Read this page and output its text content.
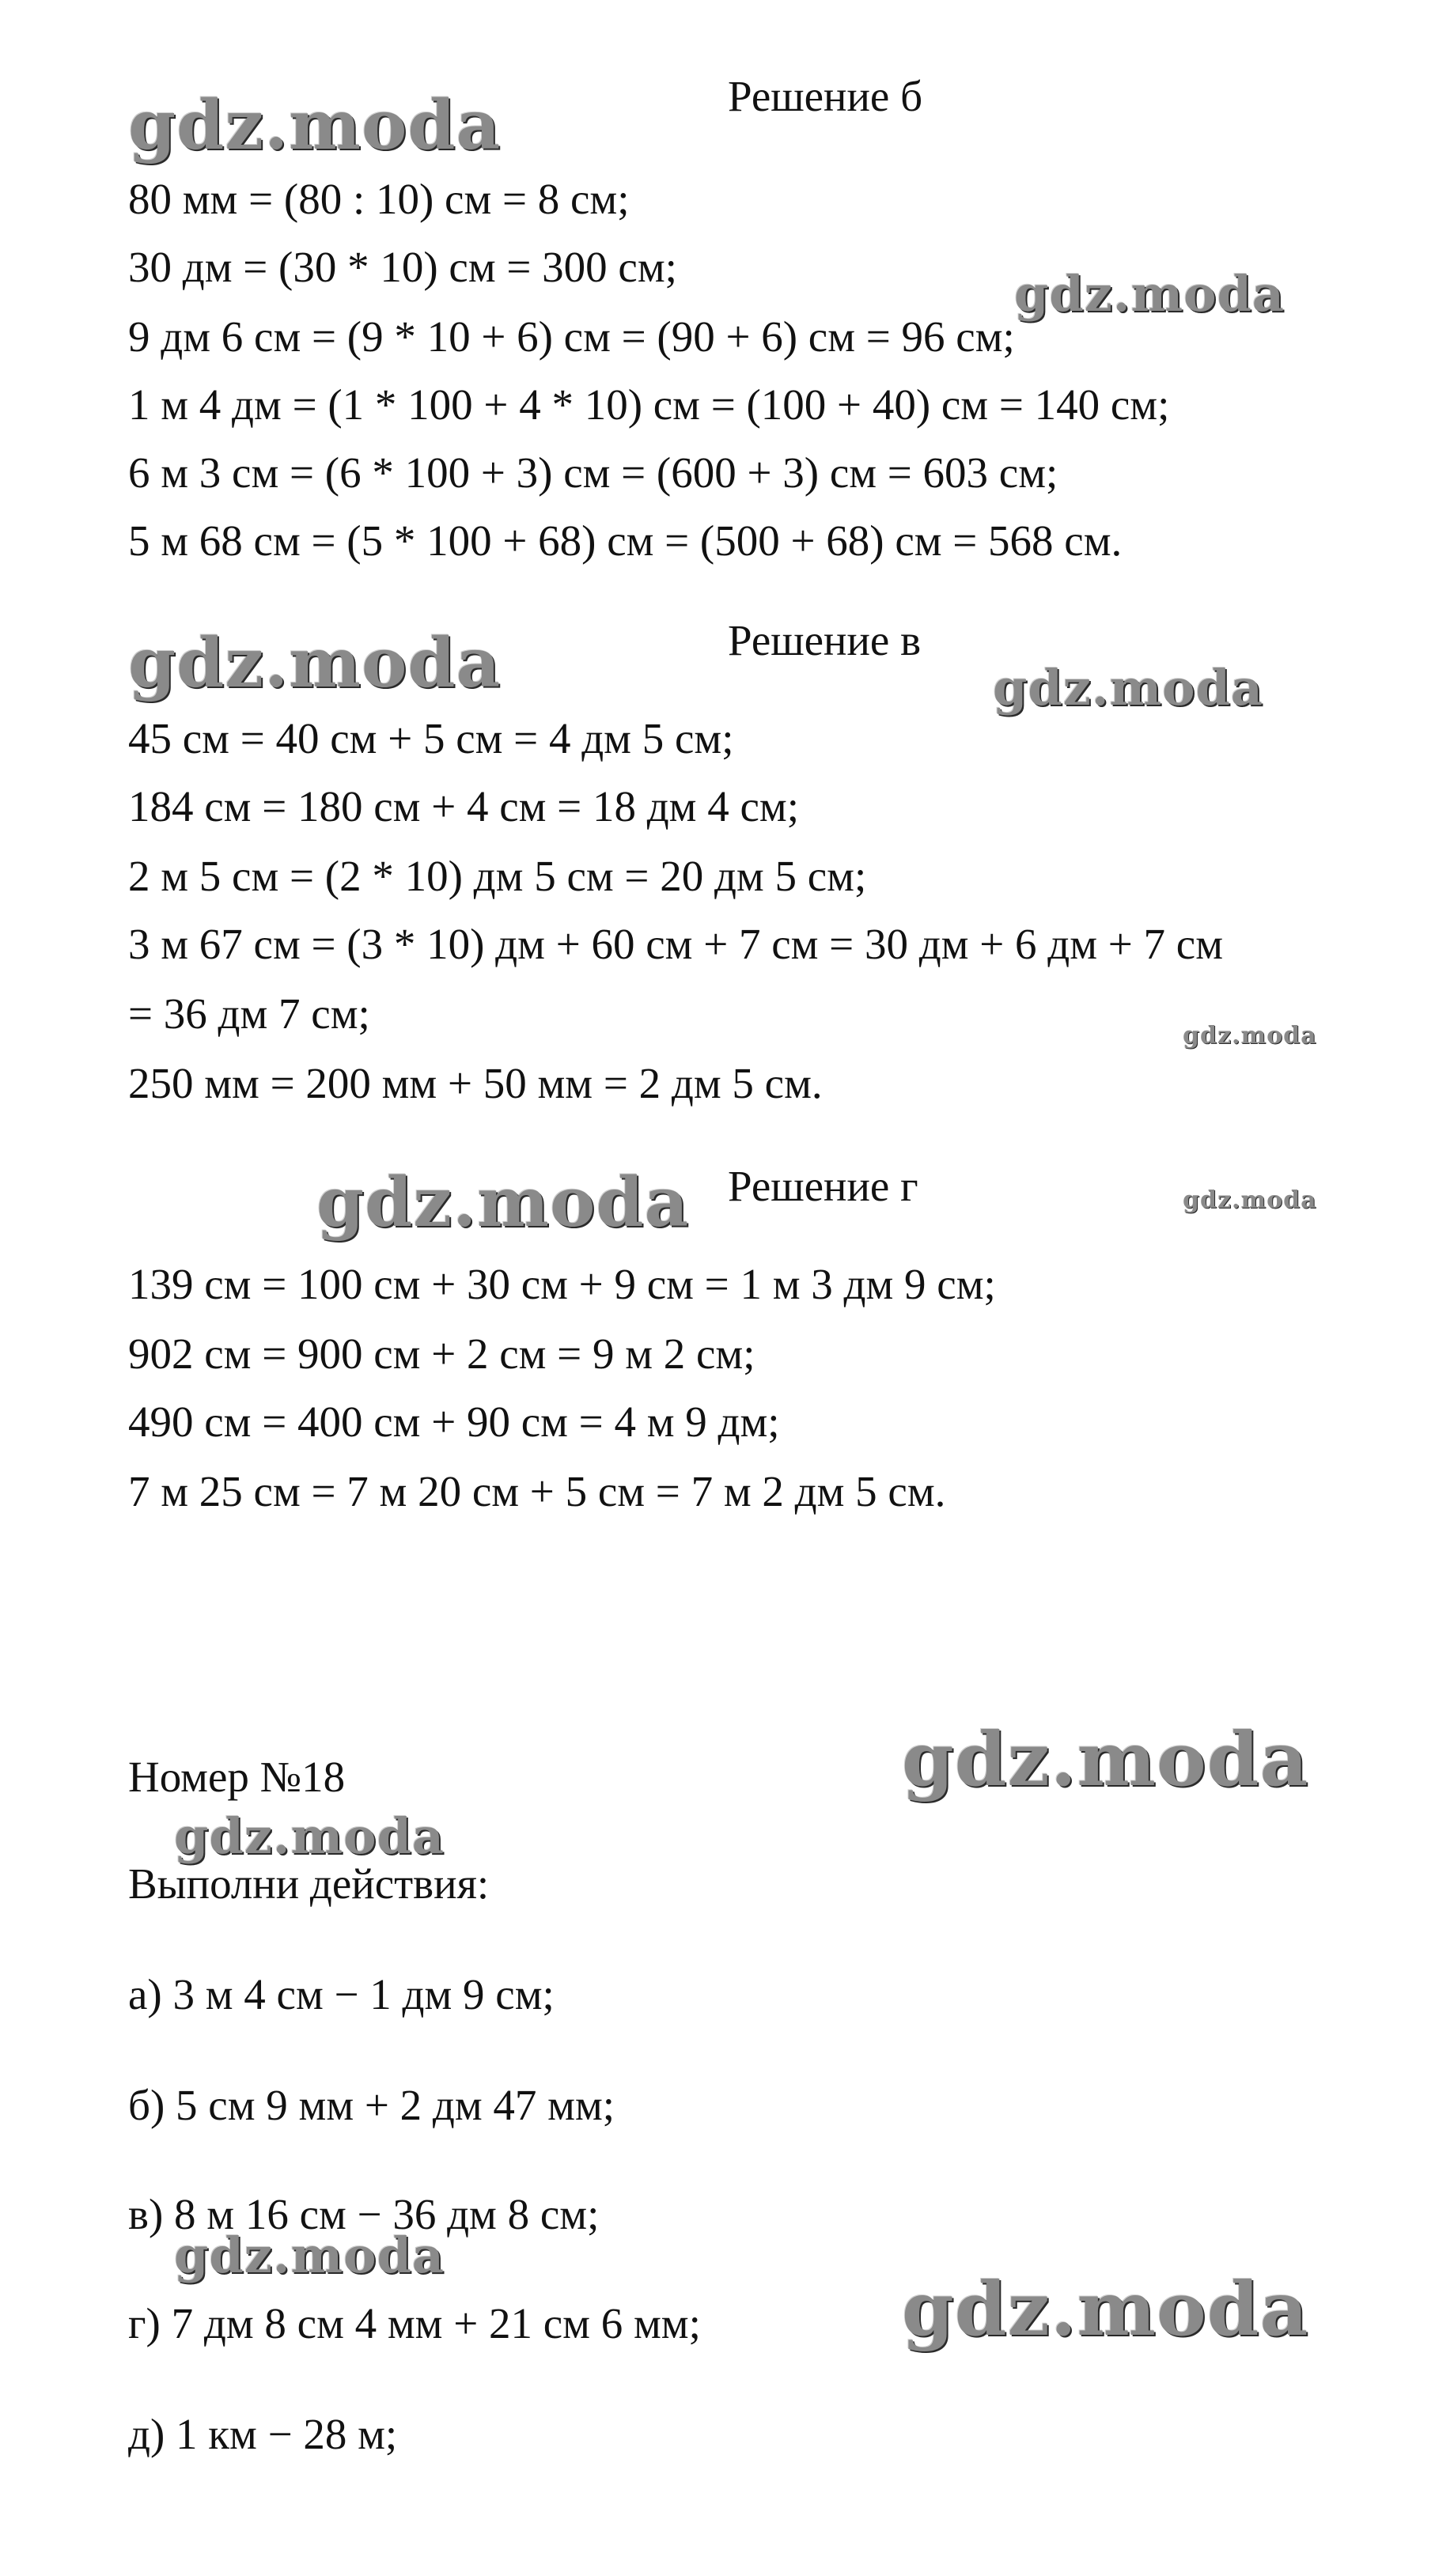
gdz.moda
gdz.moda
gdz.moda	gdz.moda
gdz.moda
gdz.moda	gdz.moda
gdz.moda
gdz.moda
gdz.moda
gdz.moda
Решение б
80 мм = (80 : 10) см = 8 см;
30 дм = (30 * 10) см = 300 см;
9 дм 6 см = (9 * 10 + 6) см = (90 + 6) см = 96 см;
1 м 4 дм = (1 * 100 + 4 * 10) см = (100 + 40) см = 140 см;
6 м 3 см = (6 * 100 + 3) см = (600 + 3) см = 603 см;
5 м 68 см = (5 * 100 + 68) см = (500 + 68) см = 568 см.
Решение в
45 см = 40 см + 5 см = 4 дм 5 см;
184 см = 180 см + 4 см = 18 дм 4 см;
2 м 5 см = (2 * 10) дм 5 см = 20 дм 5 см;
3 м 67 см = (3 * 10) дм + 60 см + 7 см = 30 дм + 6 дм + 7 см
= 36 дм 7 см;
250 мм = 200 мм + 50 мм = 2 дм 5 см.
Решение г
139 см = 100 см + 30 см + 9 см = 1 м 3 дм 9 см;
902 см = 900 см + 2 см = 9 м 2 см;
490 см = 400 см + 90 см = 4 м 9 дм;
7 м 25 см = 7 м 20 см + 5 см = 7 м 2 дм 5 см.
Номер №18
Выполни действия:
а) 3 м 4 см − 1 дм 9 см;
б) 5 см 9 мм + 2 дм 47 мм;
в) 8 м 16 см − 36 дм 8 см;
г) 7 дм 8 см 4 мм + 21 см 6 мм;
д) 1 км − 28 м;
